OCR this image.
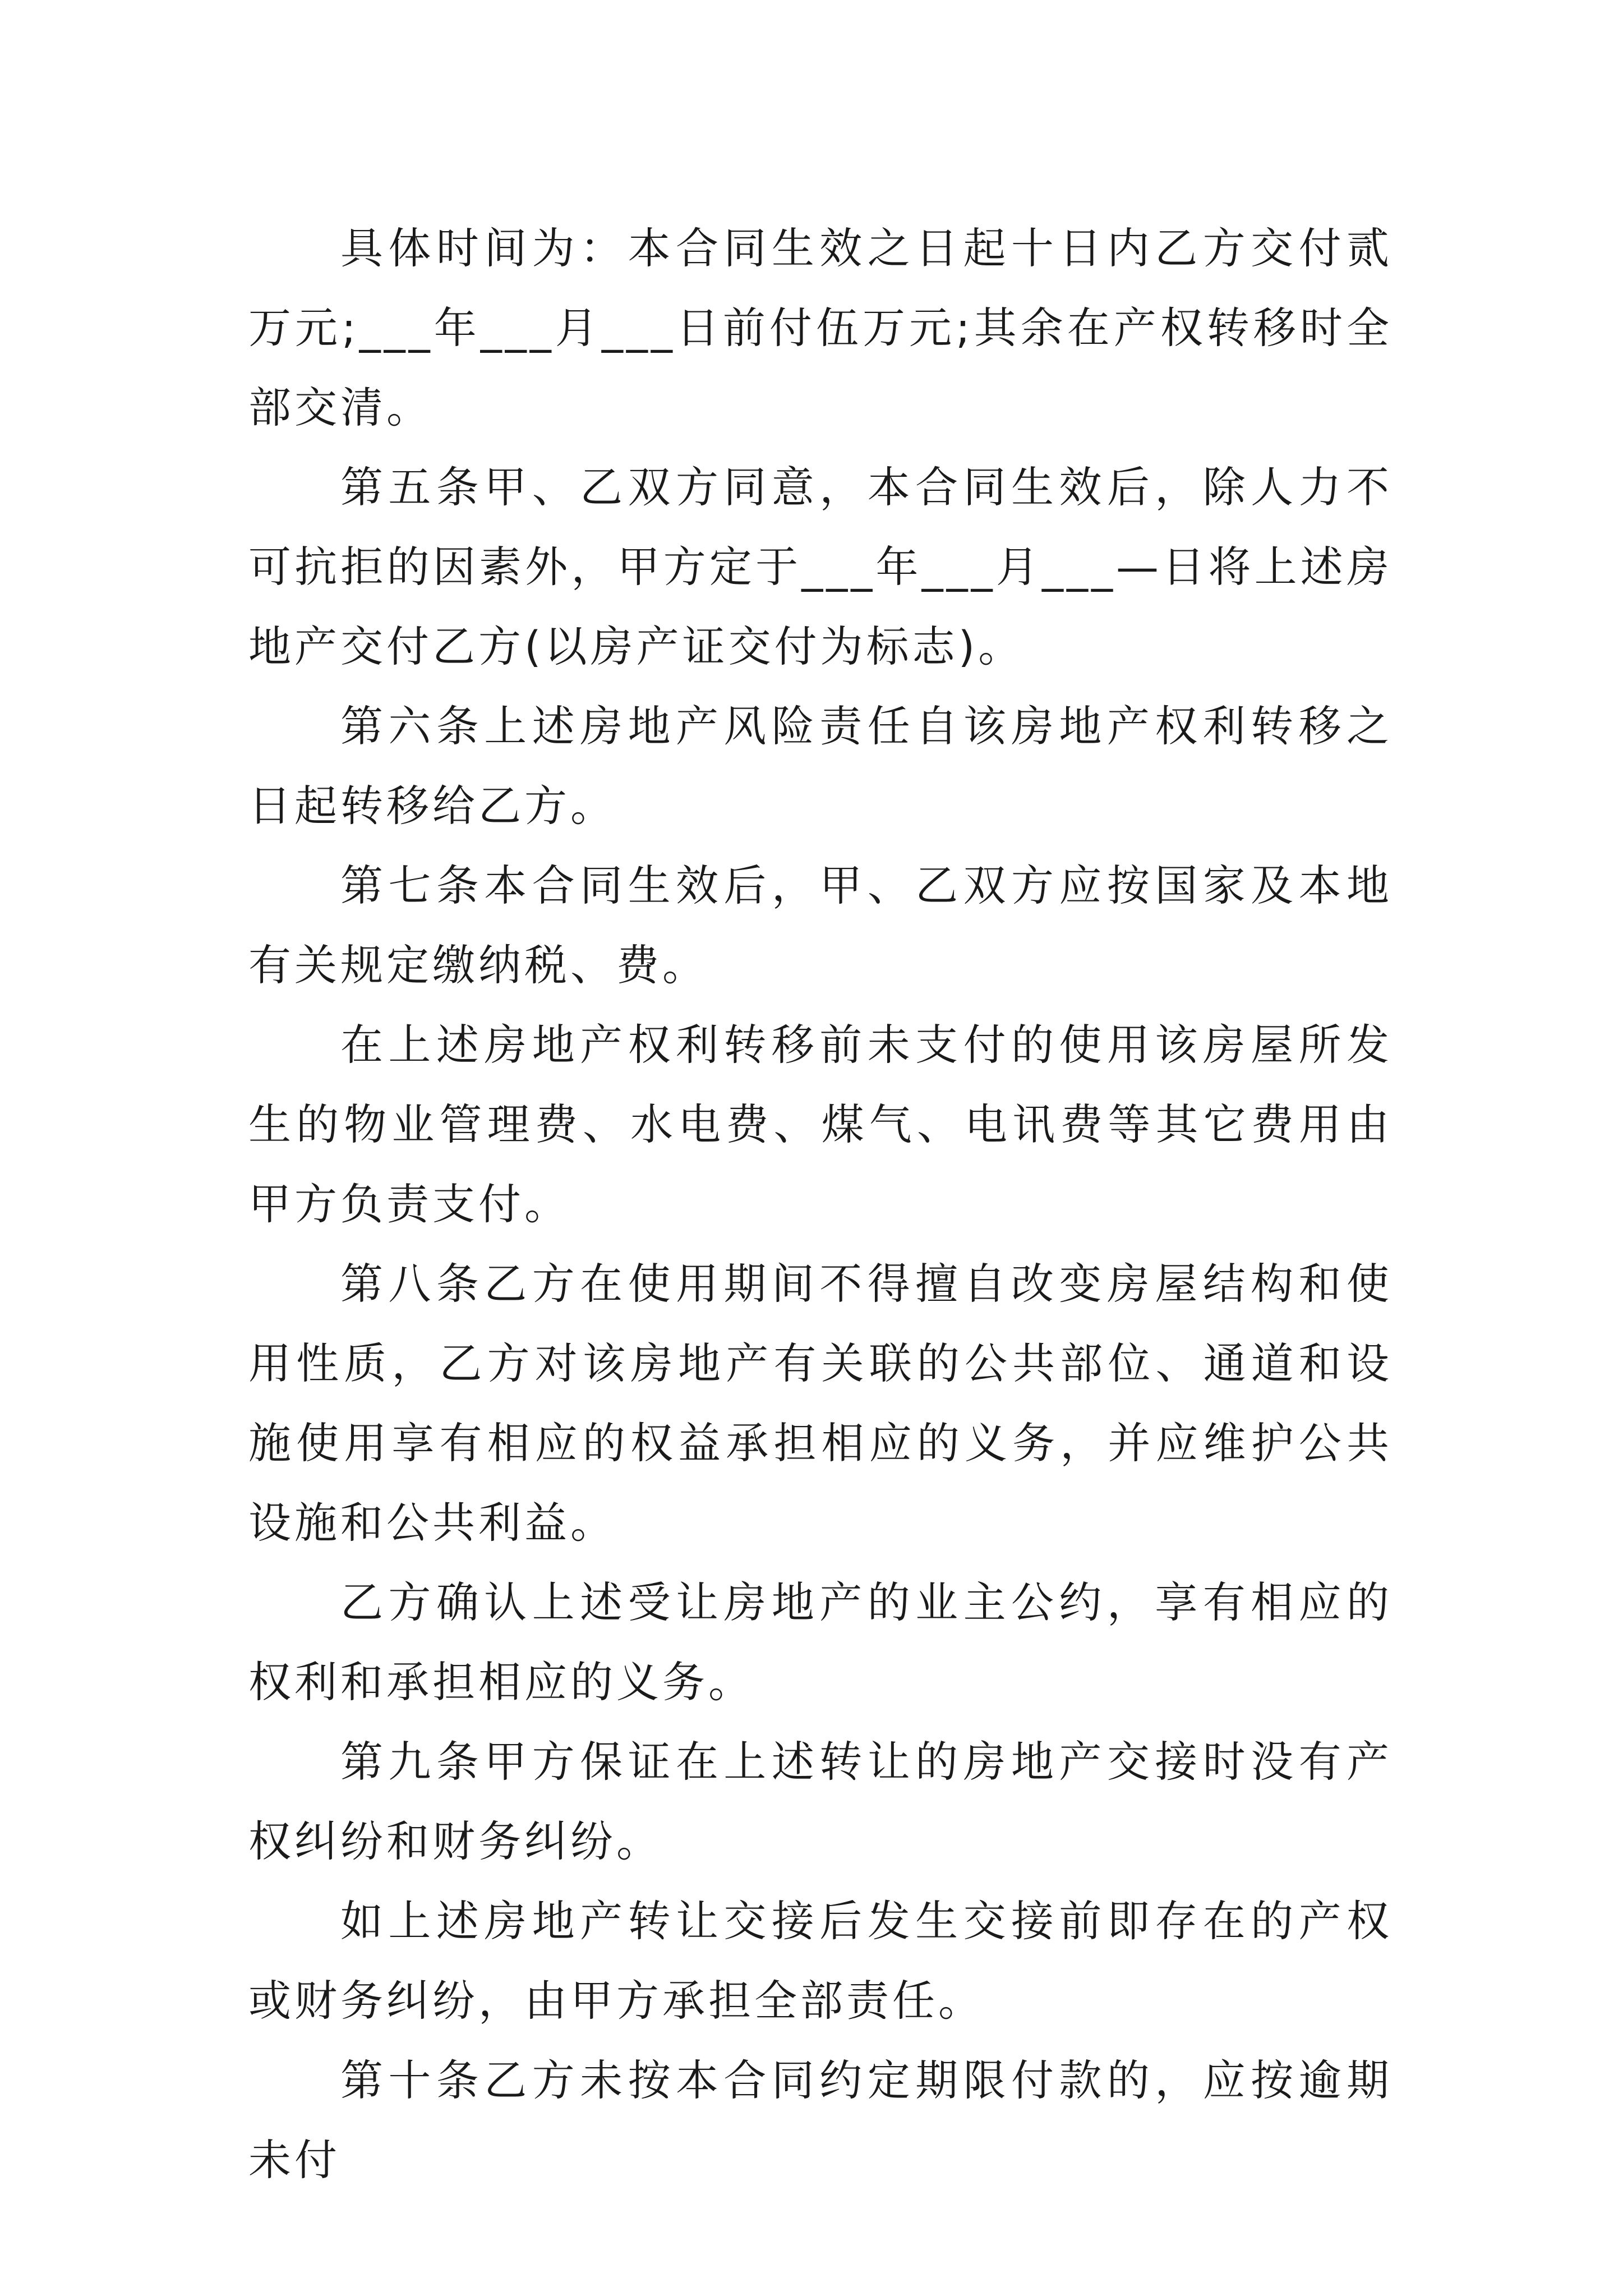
具体时间为：本合同生效之日起十日内乙方交付贰万元;___年___月___日前付伍万元;其余在产权转移时全部交清。

第五条甲、乙双方同意，本合同生效后，除人力不可抗拒的因素外，甲方定于___年___月___—日将上述房地产交付乙方(以房产证交付为标志)。

第六条上述房地产风险责任自该房地产权利转移之日起转移给乙方。

第七条本合同生效后，甲、乙双方应按国家及本地有关规定缴纳税、费。

在上述房地产权利转移前未支付的使用该房屋所发生的物业管理费、水电费、煤气、电讯费等其它费用由甲方负责支付。

第八条乙方在使用期间不得擅自改变房屋结构和使用性质，乙方对该房地产有关联的公共部位、通道和设施使用享有相应的权益承担相应的义务，并应维护公共设施和公共利益。

乙方确认上述受让房地产的业主公约，享有相应的权利和承担相应的义务。

第九条甲方保证在上述转让的房地产交接时没有产权纠纷和财务纠纷。

如上述房地产转让交接后发生交接前即存在的产权或财务纠纷，由甲方承担全部责任。

第十条乙方未按本合同约定期限付款的，应按逾期未付
